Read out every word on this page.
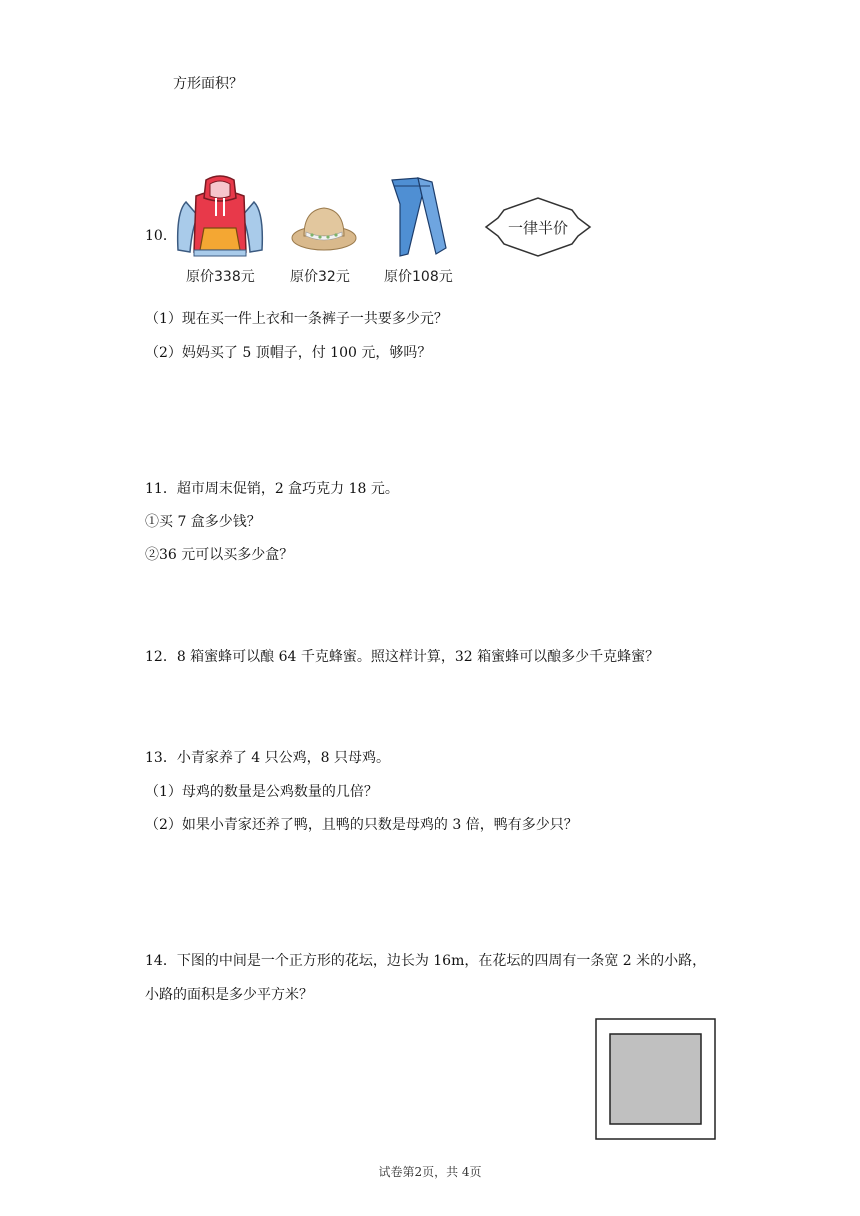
方形面积？
10．
原价338元	原价32元 原价108元
一律半价
（1）现在买一件上衣和一条裤子一共要多少元？
（2）妈妈买了 5 顶帽子，付 100 元，够吗？
11．超市周末促销，2 盒巧克力 18 元。
①买 7 盒多少钱？
②36 元可以买多少盒？
12．8 箱蜜蜂可以酿 64 千克蜂蜜。照这样计算，32 箱蜜蜂可以酿多少千克蜂蜜？
13．小青家养了 4 只公鸡，8 只母鸡。
（1）母鸡的数量是公鸡数量的几倍？
（2）如果小青家还养了鸭，且鸭的只数是母鸡的 3 倍，鸭有多少只？
14．下图的中间是一个正方形的花坛，边长为 16m，在花坛的四周有一条宽 2 米的小路，
小路的面积是多少平方米？
试卷第2页，共 4页
